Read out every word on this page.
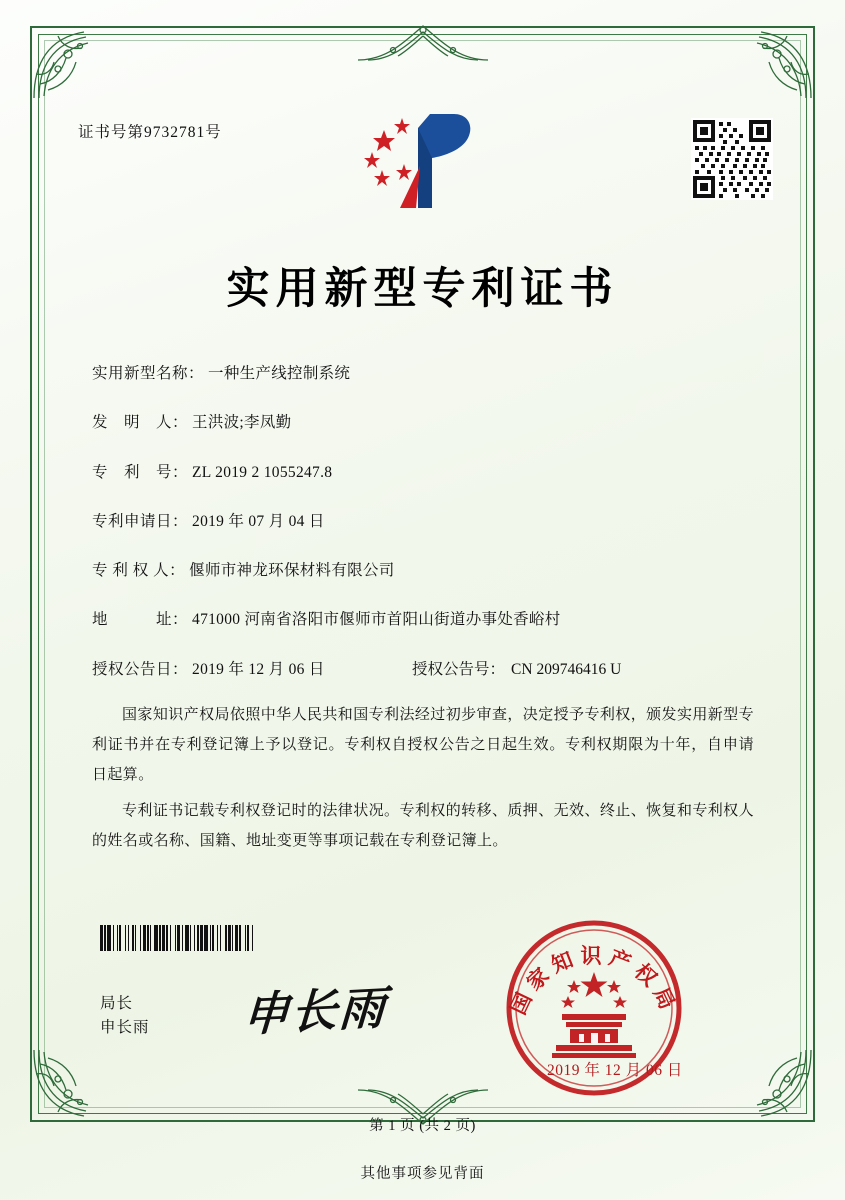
证书号第9732781号
实用新型专利证书
实用新型名称： 一种生产线控制系统
发　明　人： 王洪波;李凤勤
专　利　号： ZL 2019 2 1055247.8
专利申请日： 2019 年 07 月 04 日
专 利 权 人： 偃师市神龙环保材料有限公司
地　　　址： 471000 河南省洛阳市偃师市首阳山街道办事处香峪村
授权公告日： 2019 年 12 月 06 日	授权公告号： CN 209746416 U

国家知识产权局依照中华人民共和国专利法经过初步审查，决定授予专利权，颁发实用新型专利证书并在专利登记簿上予以登记。专利权自授权公告之日起生效。专利权期限为十年，自申请日起算。

专利证书记载专利权登记时的法律状况。专利权的转移、质押、无效、终止、恢复和专利权人的姓名或名称、国籍、地址变更等事项记载在专利登记簿上。

局长
申长雨 申长雨	国家知识产权局
2019 年 12 月 06 日
第 1 页 (共 2 页)
其他事项参见背面
